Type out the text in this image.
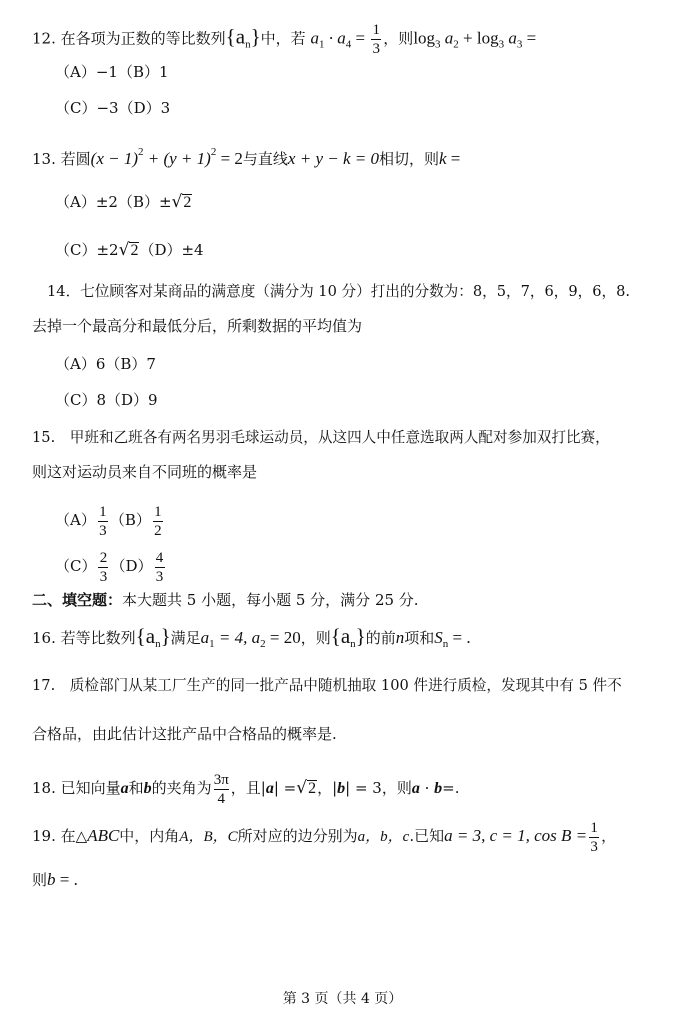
12. 在各项为正数的等比数列$\{a_n\}$中，若 $a_1 \cdot a_4 = \frac{1}{3}$ ，则$\log_3 a_2 + \log_3 a_3$ =
（A）−1（B）1
（C）−3（D）3
13. 若圆$(x - 1)^2 + (y + 1)^2 = 2$与直线x + y − k = 0相切，则k =
（A）±2（B）± √ 2
（C）±2 √ 2 （D）±4
14．七位顾客对某商品的满意度（满分为 10 分）打出的分数为：8，5，7，6，9，6，8.
去掉一个最高分和最低分后，所剩数据的平均值为
（A）6（B）7
（C）8（D）9
15.　甲班和乙班各有两名男羽毛球运动员，从这四人中任意选取两人配对参加双打比赛，
则这对运动员来自不同班的概率是
$(A) \frac{1}{3} (B) \frac{1}{2}$
$(C) \frac{2}{3} (D) \frac{4}{3}$
二、填空题：本大题共 5 小题，每小题 5 分，满分 25 分.
16. 若等比数列$\{a_n\}$满足$a_1 = 4$, $a_2 = 20$，则$\{a_n\}$的前n项和$S_n$ = .
17.　质检部门从某工厂生产的同一批产品中随机抽取 100 件进行质检，发现其中有 5 件不
合格品，由此估计这批产品中合格品的概率是.
18. 已知向量a和b的夹角为 $\frac{3\pi}{4}$ ，且|a| = √ 2 ，|b| = 3，则a · b=.
19. 在△ABC中，内角A，B，C所对应的边分别为a，b，c.已知a = 3, c = 1, $\cos B = \frac{1}{3}$ ，
则b = .
第 3 页（共 4 页）
